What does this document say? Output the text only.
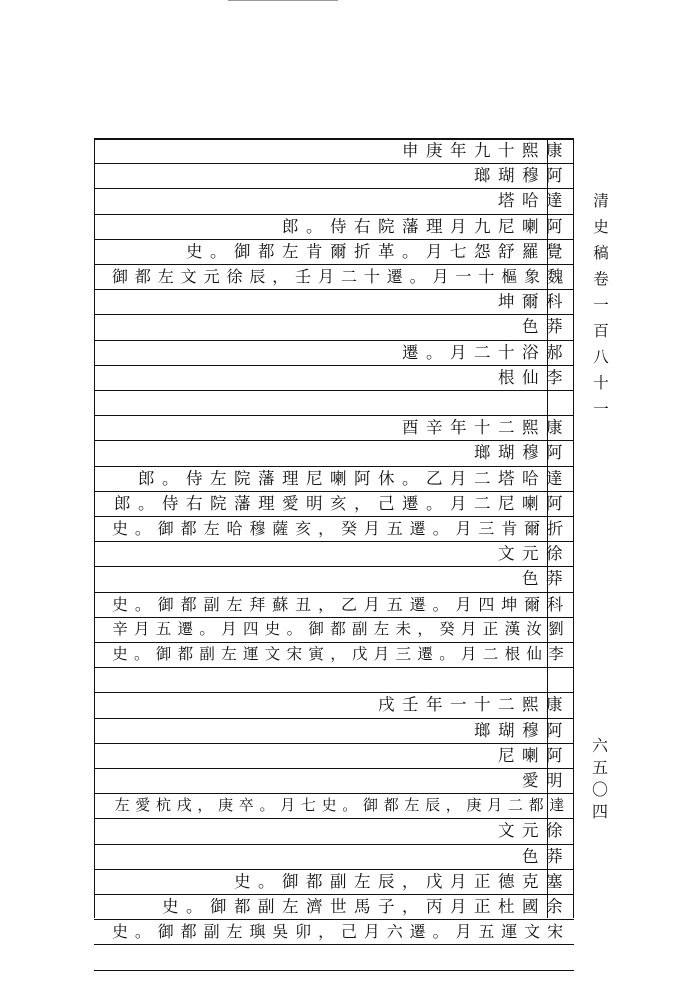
申庚年九十熙康
瑯瑚穆阿
塔哈達
郎。侍右院藩理月九尼喇阿
史。御都左肯爾折革。月七怨舒羅覺
御都左文元徐辰，壬月二十遷。月一十樞象魏
坤爾科
色莽
遷。月二十浴郝
根仙李
酉辛年十二熙康
瑯瑚穆阿
郎。侍左院藩理尼喇阿休。乙月二塔哈達
郎。侍右院藩理愛明亥，己遷。月二尼喇阿
史。御都左哈穆薩亥，癸月五遷。月三肯爾折
文元徐
色莽
史。御都副左拜蘇丑，乙月五遷。月四坤爾科
辛月五遷。月四史。御都副左未，癸月正漢汝劉
史。御都副左運文宋寅，戊月三遷。月二根仙李
戌壬年一十二熙康
瑯瑚穆阿
尼喇阿
愛明
左愛杭戌，庚卒。月七史。御都左辰，庚月二都達
文元徐
色莽
史。御都副左辰，戊月正德克塞
史。御都副左濟世馬子，丙月正杜國余
史。御都副左璵吳卯，己月六遷。月五運文宋
清史稿卷一百八十一
六五〇四
